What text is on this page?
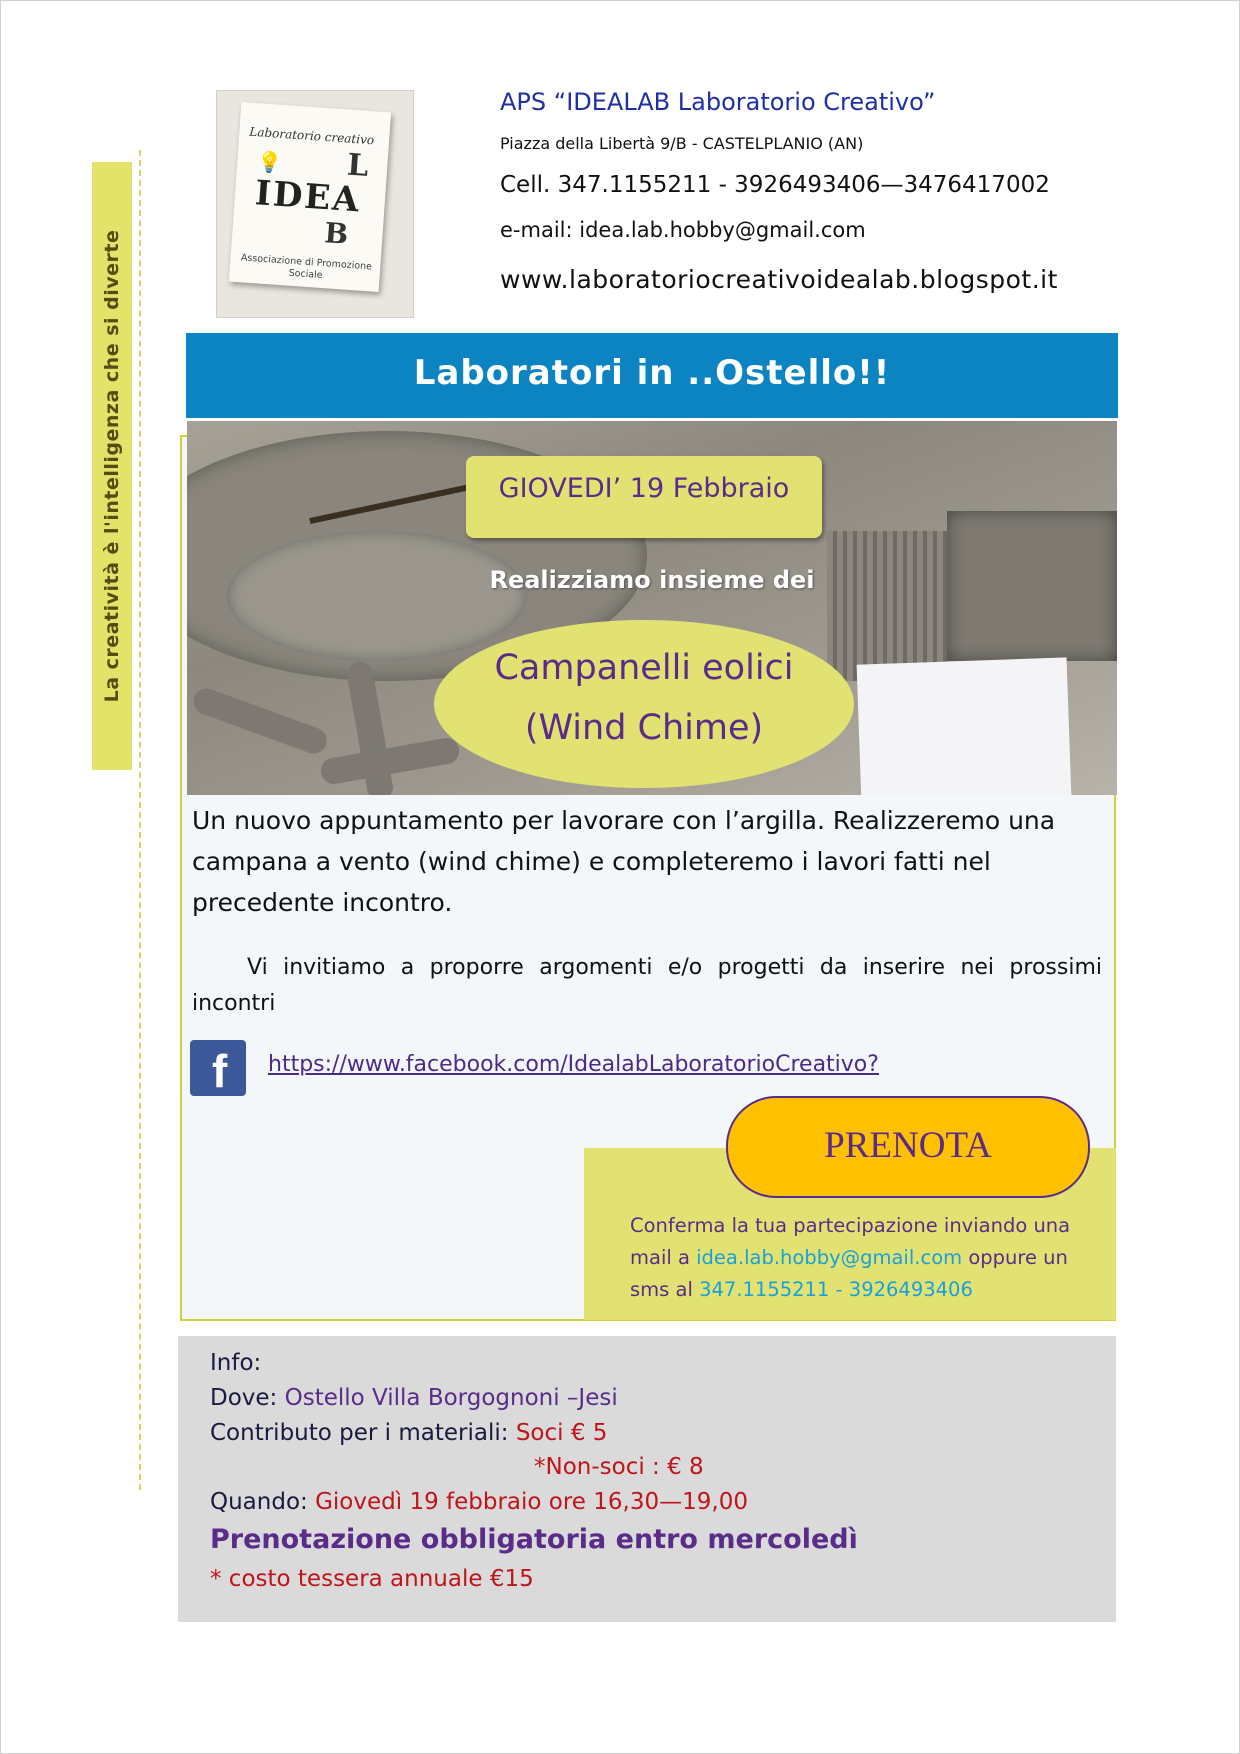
La creatività è l'intelligenza che si diverte
Laboratorio creativo
💡 L
IDEA
B
Associazione di Promozione Sociale
APS “IDEALAB Laboratorio Creativo”
Piazza della Libertà 9/B - CASTELPLANIO (AN)
Cell. 347.1155211 - 3926493406—3476417002
e-mail: idea.lab.hobby@gmail.com
www.laboratoriocreativoidealab.blogspot.it
Laboratori in ..Ostello!!
GIOVEDI’ 19 Febbraio
Realizziamo insieme dei
Campanelli eolici
(Wind Chime)
Un nuovo appuntamento per lavorare con l’argilla. Realizzeremo una campana a vento (wind chime) e completeremo i lavori fatti nel precedente incontro.
Vi invitiamo a proporre argomenti e/o progetti da inserire nei prossimi incontri
f https://www.facebook.com/IdealabLaboratorioCreativo?
PRENOTA
Conferma la tua partecipazione inviando una mail a idea.lab.hobby@gmail.com oppure un sms al 347.1155211 - 3926493406
Info:
Dove: Ostello Villa Borgognoni –Jesi
Contributo per i materiali: Soci € 5
*Non-soci : € 8
Quando: Giovedì 19 febbraio ore 16,30—19,00
Prenotazione obbligatoria entro mercoledì
* costo tessera annuale €15
